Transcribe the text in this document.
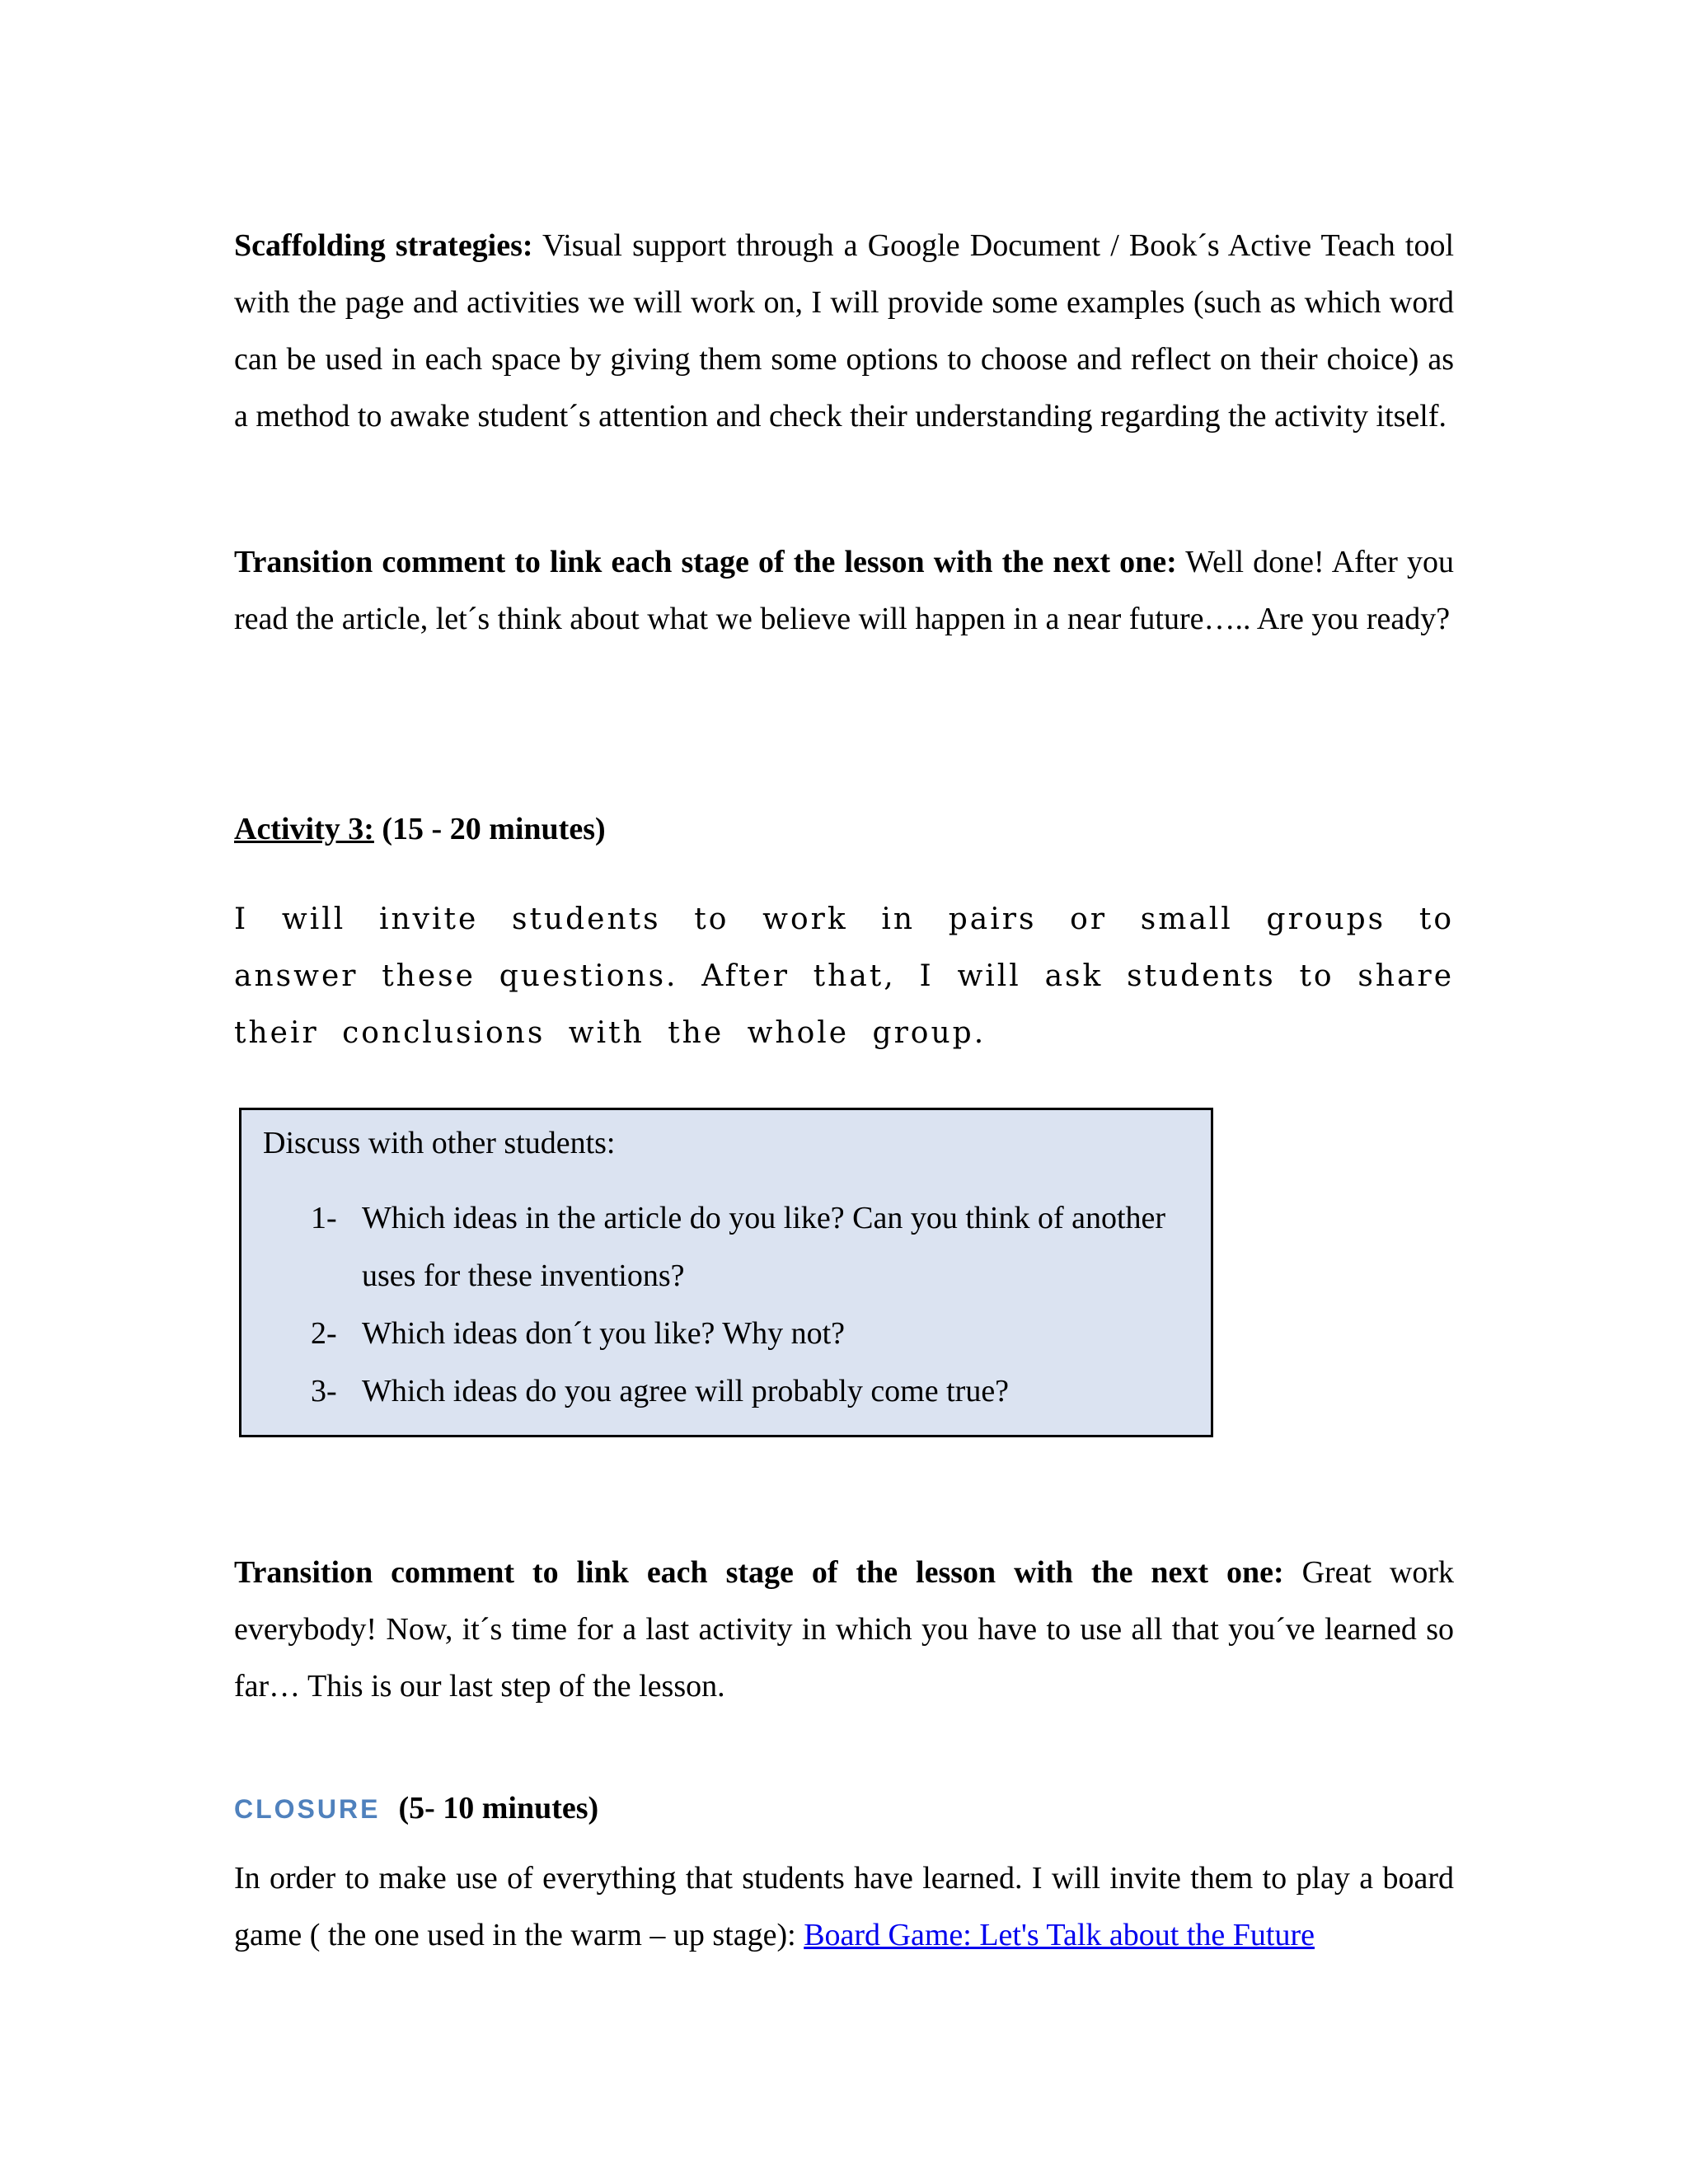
Scaffolding strategies: Visual support through a Google Document / Book´s Active Teach tool with the page and activities we will work on, I will provide some examples (such as which word can be used in each space by giving them some options to choose and reflect on their choice) as a method to awake student´s attention and check their understanding regarding the activity itself.

Transition comment to link each stage of the lesson with the next one: Well done! After you read the article, let´s think about what we believe will happen in a near future….. Are you ready?

Activity 3: (15 - 20 minutes)

I will invite students to work in pairs or small groups to answer these questions. After that, I will ask students to share their conclusions with the whole group.

Discuss with other students:

1- Which ideas in the article do you like? Can you think of another uses for these inventions?
2- Which ideas don´t you like? Why not?
3- Which ideas do you agree will probably come true?

Transition comment to link each stage of the lesson with the next one: Great work everybody! Now, it´s time for a last activity in which you have to use all that you´ve learned so far… This is our last step of the lesson.

CLOSURE (5- 10 minutes)

In order to make use of everything that students have learned. I will invite them to play a board game ( the one used in the warm – up stage): Board Game: Let's Talk about the Future
